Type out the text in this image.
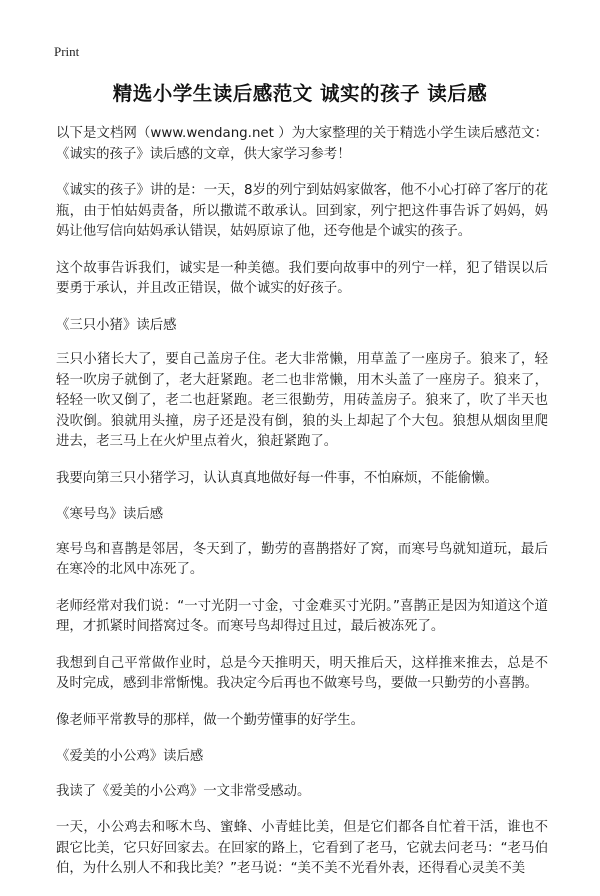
Print
精选小学生读后感范文 诚实的孩子 读后感

以下是文档网（www.wendang.net ）为大家整理的关于精选小学生读后感范文：《诚实的孩子》读后感的文章，供大家学习参考！

《诚实的孩子》讲的是：一天，8岁的列宁到姑妈家做客，他不小心打碎了客厅的花瓶，由于怕姑妈责备，所以撒谎不敢承认。回到家，列宁把这件事告诉了妈妈，妈妈让他写信向姑妈承认错误，姑妈原谅了他，还夸他是个诚实的孩子。

这个故事告诉我们，诚实是一种美德。我们要向故事中的列宁一样，犯了错误以后要勇于承认，并且改正错误，做个诚实的好孩子。

《三只小猪》读后感

三只小猪长大了，要自己盖房子住。老大非常懒，用草盖了一座房子。狼来了，轻轻一吹房子就倒了，老大赶紧跑。老二也非常懒，用木头盖了一座房子。狼来了，轻轻一吹又倒了，老二也赶紧跑。老三很勤劳，用砖盖房子。狼来了，吹了半天也没吹倒。狼就用头撞，房子还是没有倒，狼的头上却起了个大包。狼想从烟囱里爬进去，老三马上在火炉里点着火，狼赶紧跑了。

我要向第三只小猪学习，认认真真地做好每一件事，不怕麻烦，不能偷懒。

《寒号鸟》读后感

寒号鸟和喜鹊是邻居，冬天到了，勤劳的喜鹊搭好了窝，而寒号鸟就知道玩，最后在寒冷的北风中冻死了。

老师经常对我们说：“一寸光阴一寸金，寸金难买寸光阴。”喜鹊正是因为知道这个道理，才抓紧时间搭窝过冬。而寒号鸟却得过且过，最后被冻死了。

我想到自己平常做作业时，总是今天推明天，明天推后天，这样推来推去，总是不及时完成，感到非常惭愧。我决定今后再也不做寒号鸟，要做一只勤劳的小喜鹊。

像老师平常教导的那样，做一个勤劳懂事的好学生。

《爱美的小公鸡》读后感

我读了《爱美的小公鸡》一文非常受感动。

一天，小公鸡去和啄木鸟、蜜蜂、小青蛙比美，但是它们都各自忙着干活，谁也不跟它比美，它只好回家去。在回家的路上，它看到了老马，它就去问老马：“老马伯伯，为什么别人不和我比美？”老马说：“美不美不光看外表，还得看心灵美不美
